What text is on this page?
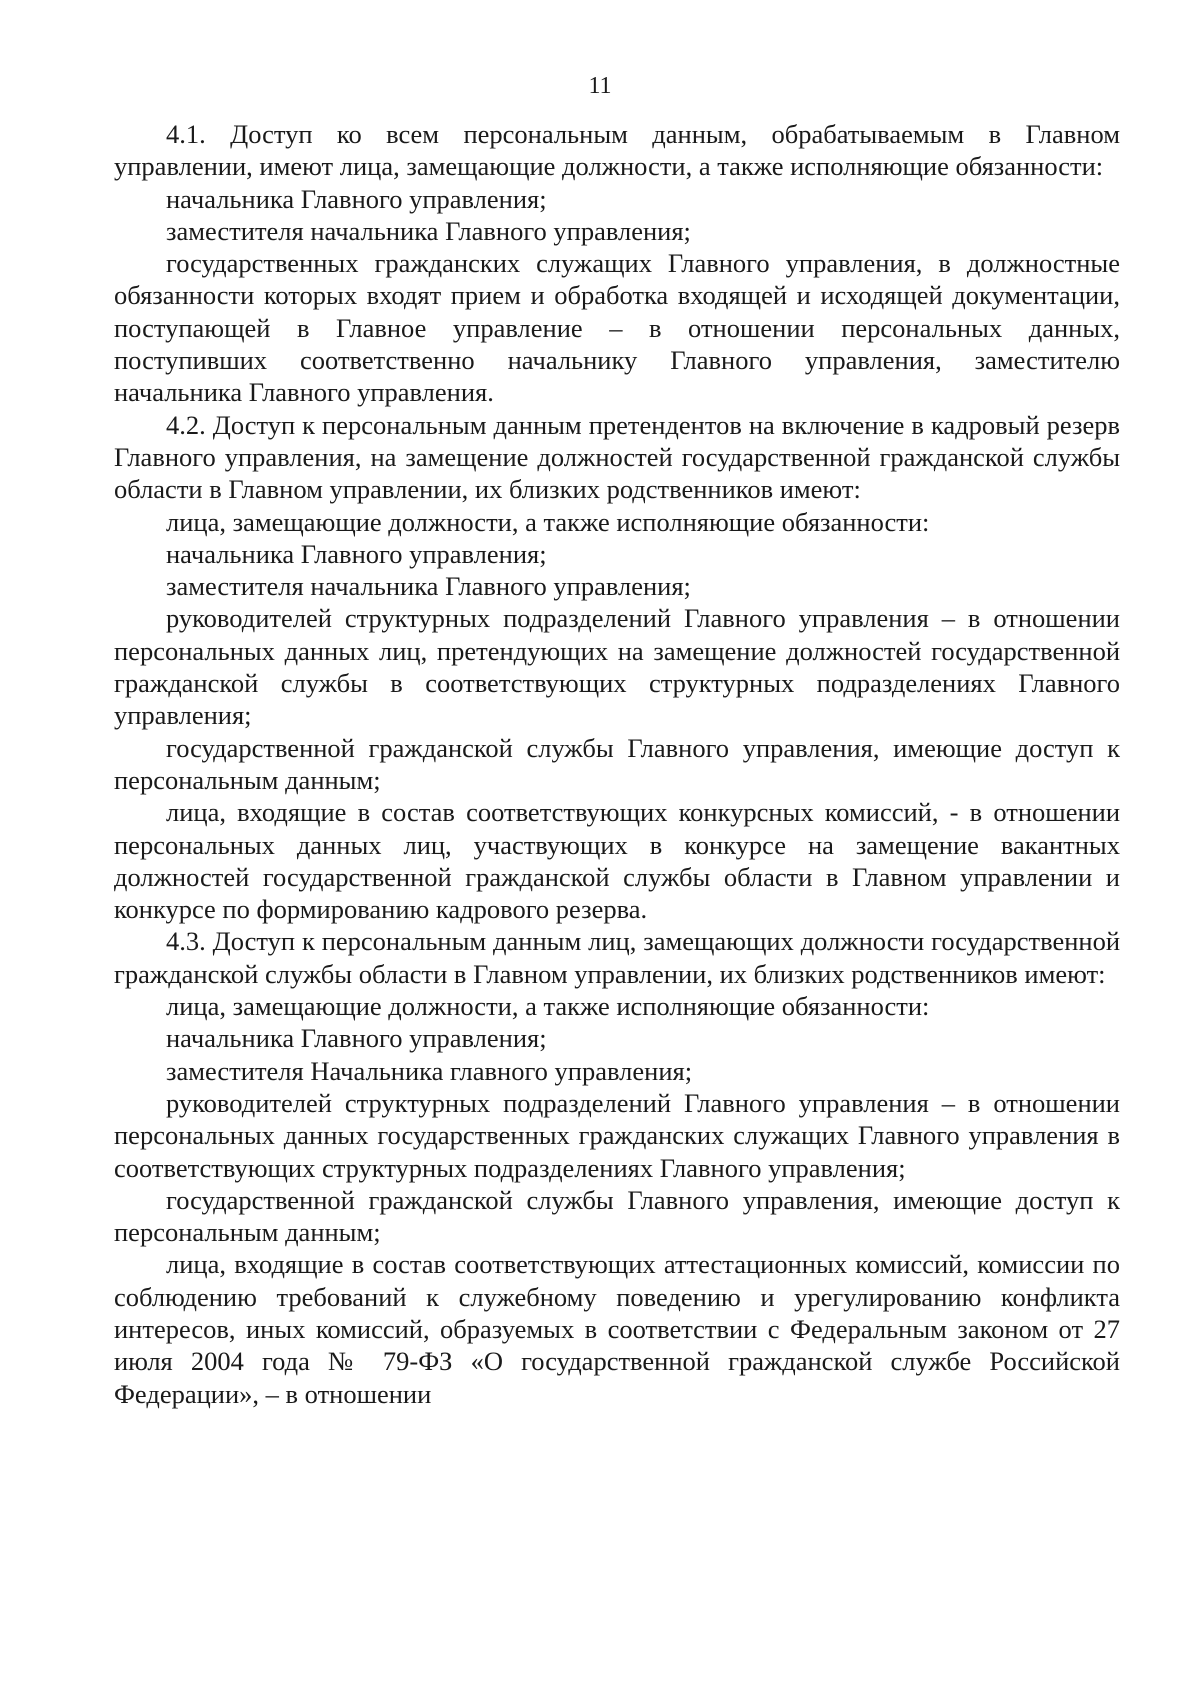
11

4.1. Доступ ко всем персональным данным, обрабатываемым в Главном управлении, имеют лица, замещающие должности, а также исполняющие обязанности:

начальника Главного управления;

заместителя начальника Главного управления;

государственных гражданских служащих Главного управления, в должностные обязанности которых входят прием и обработка входящей и исходящей документации, поступающей в Главное управление – в отношении персональных данных, поступивших соответственно начальнику Главного управления, заместителю начальника Главного управления.

4.2. Доступ к персональным данным претендентов на включение в кадровый резерв Главного управления, на замещение должностей государственной гражданской службы области в Главном управлении, их близких родственников имеют:

лица, замещающие должности, а также исполняющие обязанности:

начальника Главного управления;

заместителя начальника Главного управления;

руководителей структурных подразделений Главного управления – в отношении персональных данных лиц, претендующих на замещение должностей государственной гражданской службы в соответствующих структурных подразделениях Главного управления;

государственной гражданской службы Главного управления, имеющие доступ к персональным данным;

лица, входящие в состав соответствующих конкурсных комиссий, - в отношении персональных данных лиц, участвующих в конкурсе на замещение вакантных должностей государственной гражданской службы области в Главном управлении и конкурсе по формированию кадрового резерва.

4.3. Доступ к персональным данным лиц, замещающих должности государственной гражданской службы области в Главном управлении, их близких родственников имеют:

лица, замещающие должности, а также исполняющие обязанности:

начальника Главного управления;

заместителя Начальника главного управления;

руководителей структурных подразделений Главного управления – в отношении персональных данных государственных гражданских служащих Главного управления в соответствующих структурных подразделениях Главного управления;

государственной гражданской службы Главного управления, имеющие доступ к персональным данным;

лица, входящие в состав соответствующих аттестационных комиссий, комиссии по соблюдению требований к служебному поведению и урегулированию конфликта интересов, иных комиссий, образуемых в соответствии с Федеральным законом от 27 июля 2004 года № 79-ФЗ «О государственной гражданской службе Российской Федерации», – в отношении
